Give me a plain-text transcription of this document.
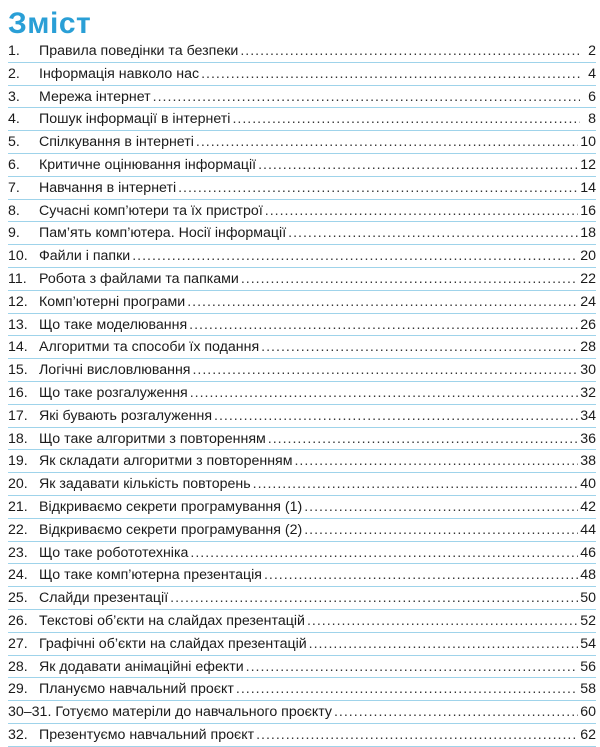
Зміст
1.	Правила поведінки та безпеки .....	2
2.	Інформація навколо нас .....	4
3.	Мережа інтернет .....	6
4.	Пошук інформації в інтернеті .....	8
5.	Спілкування в інтернеті .....	10
6.	Критичне оцінювання інформації .....	12
7.	Навчання в інтернеті .....	14
8.	Сучасні комп’ютери та їх пристрої .....	16
9.	Пам’ять комп’ютера. Носії інформації .....	18
10. Файли і папки .....	20
11. Робота з файлами та папками .....	22
12. Комп’ютерні програми .....	24
13. Що таке моделювання .....	26
14. Алгоритми та способи їх подання .....	28
15. Логічні висловлювання .....	30
16. Що таке розгалуження .....	32
17. Які бувають розгалуження .....	34
18. Що таке алгоритми з повторенням .....	36
19. Як складати алгоритми з повторенням .....	38
20. Як задавати кількість повторень .....	40
21. Відкриваємо секрети програмування (1) .....	42
22. Відкриваємо секрети програмування (2) .....	44
23. Що таке робототехніка .....	46
24. Що таке комп’ютерна презентація .....	48
25. Слайди презентації .....	50
26. Текстові об’єкти на слайдах презентацій .....	52
27. Графічні об’єкти на слайдах презентацій .....	54
28. Як додавати анімаційні ефекти .....	56
29. Плануємо навчальний проєкт .....	58
30–31. Готуємо матеріли до навчального проєкту .....	60
32. Презентуємо навчальний проєкт .....	62
